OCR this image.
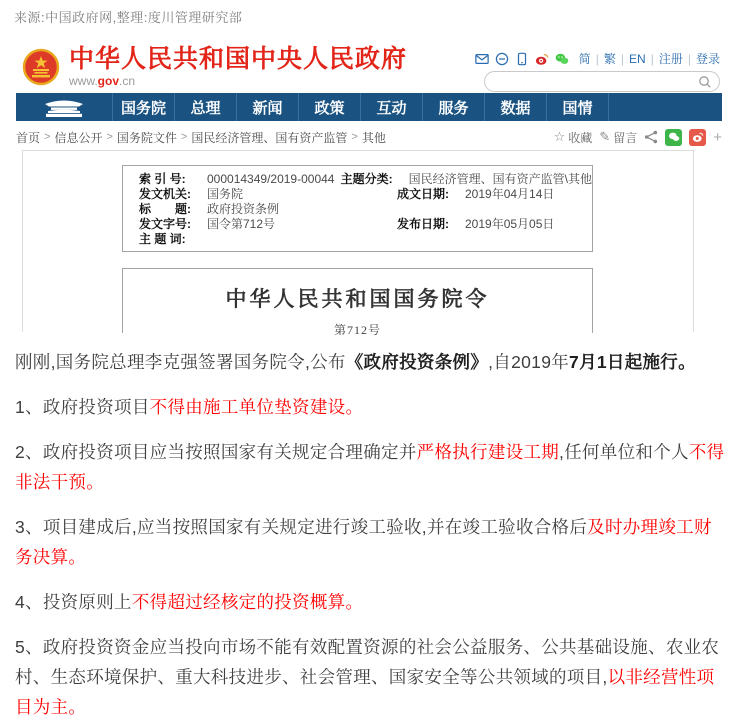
来源:中国政府网,整理:度川管理研究部
中华人民共和国中央人民政府
www.gov.cn
简 | 繁 | EN | 注册 | 登录
国务院	总理	新闻	政策	互动	服务	数据	国情
首页 > 信息公开 > 国务院文件 > 国民经济管理、国有资产监管 > 其他	☆ 收藏 ✎ 留言	+
索 引 号:	000014349/2019-00044 主题分类:	国民经济管理、国有资产监管\其他
发文机关:	国务院	成文日期:	2019年04月14日
标　　题:	政府投资条例
发文字号:	国令第712号	发布日期:	2019年05月05日
主 题 词:
中华人民共和国国务院令
第712号

刚刚,国务院总理李克强签署国务院令,公布《政府投资条例》,自2019年7月1日起施行。

1、政府投资项目不得由施工单位垫资建设。

2、政府投资项目应当按照国家有关规定合理确定并严格执行建设工期,任何单位和个人不得非法干预。

3、项目建成后,应当按照国家有关规定进行竣工验收,并在竣工验收合格后及时办理竣工财务决算。

4、投资原则上不得超过经核定的投资概算。

5、政府投资资金应当投向市场不能有效配置资源的社会公益服务、公共基础设施、农业农村、生态环境保护、重大科技进步、社会管理、国家安全等公共领域的项目,以非经营性项目为主。
